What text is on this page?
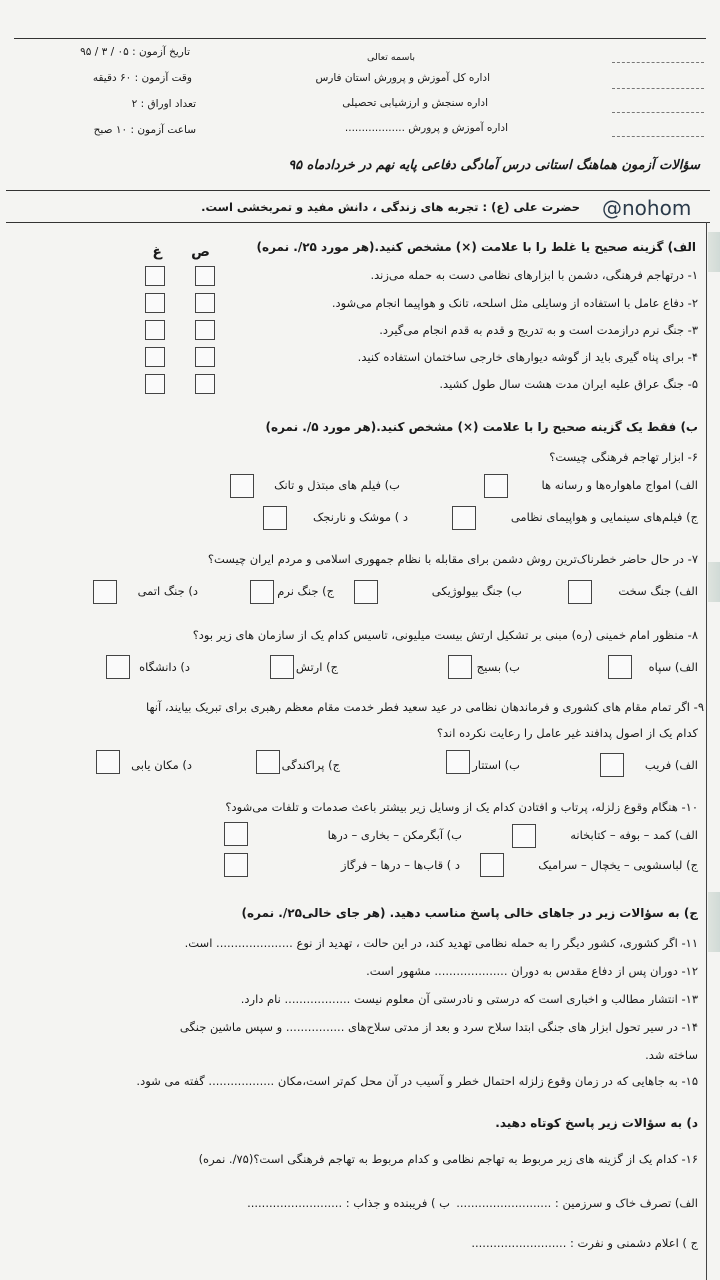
تاریخ آزمون : ۰۵ / ۳ / ۹۵
وقت آزمون : ۶۰ دقیقه
تعداد اوراق : ۲
ساعت آزمون : ۱۰ صبح
باسمه تعالی
اداره کل آموزش و پرورش استان فارس
اداره سنجش و ارزشیابی تحصیلی
اداره آموزش و پرورش ..................
سؤالات آزمون هماهنگ استانی درس آمادگی دفاعی پایه نهم در خردادماه ۹۵
@nohom
حضرت علی (ع) : تجربه های زندگی ، دانش مفید و تمربخشی است.
الف) گزینه صحیح یا غلط را با علامت (×) مشخص کنید.(هر مورد ۲۵/. نمره)
ص
غ
۱- درتهاجم فرهنگی، دشمن با ابزارهای نظامی دست به حمله می‌زند.
۲- دفاع عامل با استفاده از وسایلی مثل اسلحه، تانک و هواپیما انجام می‌شود.
۳- جنگ نرم درازمدت است و به تدریج و قدم به قدم انجام می‌گیرد.
۴- برای پناه گیری باید از گوشه دیوارهای خارجی ساختمان استفاده کنید.
۵- جنگ عراق علیه ایران مدت هشت سال طول کشید.
ب) فقط یک گزینه صحیح را با علامت (×) مشخص کنید.(هر مورد ۵/. نمره)
۶- ابزار تهاجم فرهنگی چیست؟
الف) امواج ماهواره‌ها و رسانه ها
ب) فیلم های مبتذل و تانک
ج) فیلم‌های سینمایی و هواپیمای نظامی
د ) موشک و نارنجک
۷- در حال حاضر خطرناک‌ترین روش دشمن برای مقابله با نظام جمهوری اسلامی و مردم ایران چیست؟
الف) جنگ سخت
ب) جنگ بیولوژیکی
ج) جنگ نرم
د) جنگ اتمی
۸- منظور امام خمینی (ره) مبنی بر تشکیل ارتش بیست میلیونی، تاسیس کدام یک از سازمان های زیر بود؟
الف) سپاه
ب) بسیج
ج) ارتش
د) دانشگاه
۹- اگر تمام مقام های کشوری و فرماندهان نظامی در عید سعید فطر خدمت مقام معظم رهبری برای تبریک بیایند، آنها
کدام یک از اصول پدافند غیر عامل را رعایت نکرده اند؟
الف) فریب
ب) استتار
ج) پراکندگی
د) مکان یابی
۱۰- هنگام وقوع زلزله، پرتاب و افتادن کدام یک از وسایل زیر بیشتر باعث صدمات و تلفات می‌شود؟
الف) کمد – بوفه – کتابخانه
ب) آبگرمکن – بخاری – درها
ج) لباسشویی – یخچال – سرامیک
د ) قاب‌ها – درها – فرگاز
ج) به سؤالات زیر در جاهای خالی پاسخ مناسب دهید. (هر جای خالی۲۵/. نمره)
۱۱- اگر کشوری، کشور دیگر را به حمله نظامی تهدید کند، در این حالت ، تهدید از نوع ..................... است.
۱۲- دوران پس از دفاع مقدس به دوران .................... مشهور است.
۱۳- انتشار مطالب و اخباری است که درستی و نادرستی آن معلوم نیست .................. نام دارد.
۱۴- در سیر تحول ابزار های جنگی ابتدا سلاح سرد و بعد از مدتی سلاح‌های ................ و سپس ماشین جنگی
ساخته شد.
۱۵- به جاهایی که در زمان وقوع زلزله احتمال خطر و آسیب در آن محل کم‌تر است،مکان .................. گفته می شود.
د) به سؤالات زیر پاسخ کوتاه دهید.
۱۶- کدام یک از گزینه های زیر مربوط به تهاجم نظامی و کدام مربوط به تهاجم فرهنگی است؟(۷۵/. نمره)
الف) تصرف خاک و سرزمین : ..........................
ب ) فریبنده و جذاب : ..........................
ج ) اعلام دشمنی و نفرت : ..........................
